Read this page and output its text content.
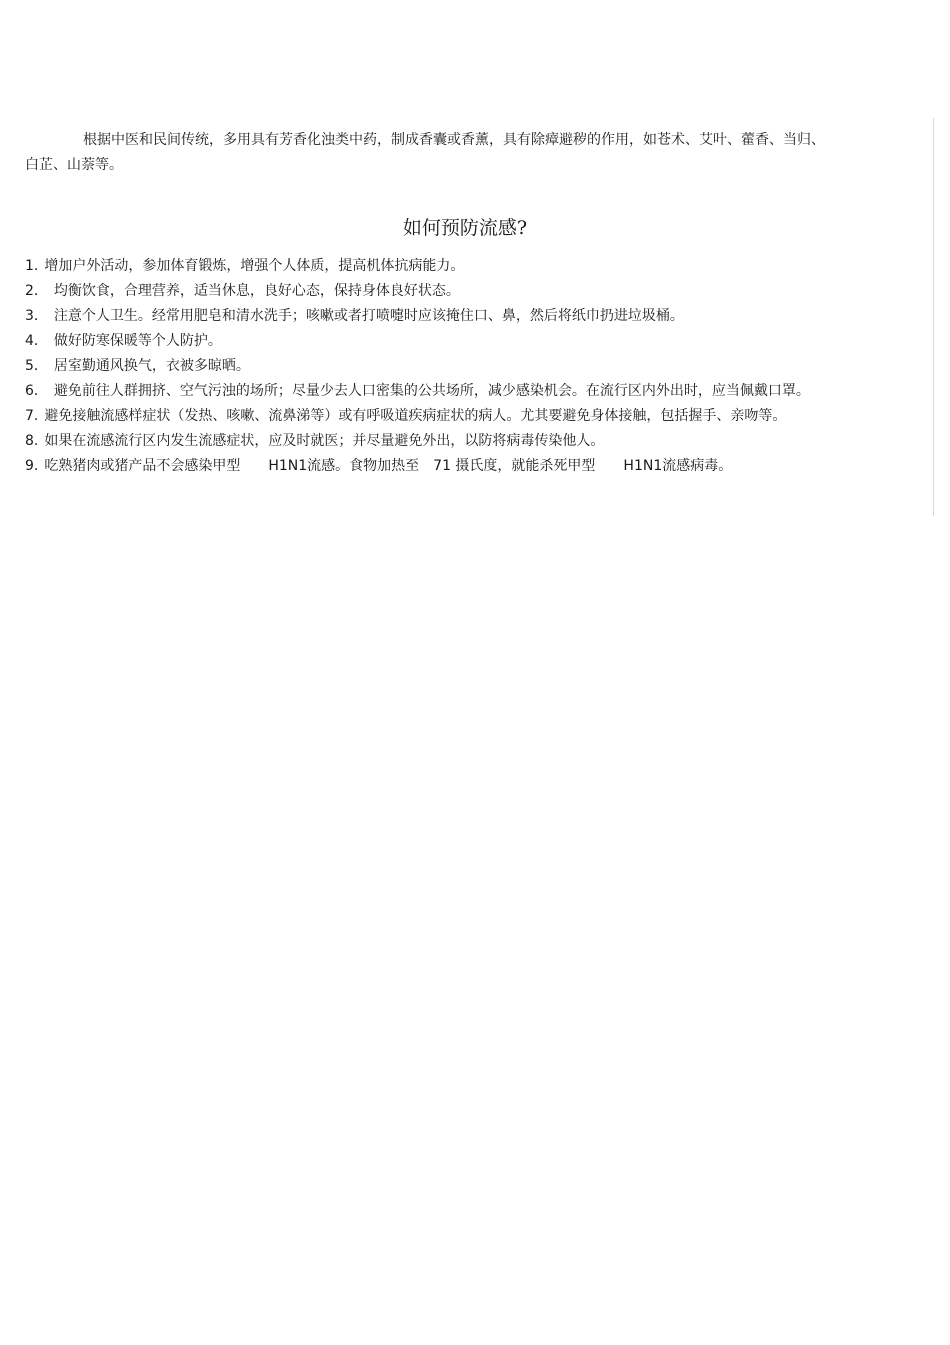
根据中医和民间传统，多用具有芳香化浊类中药，制成香囊或香薰，具有除瘴避秽的作用，如苍术、艾叶、藿香、当归、白芷、山萘等。

如何预防流感?
1. 增加户外活动，参加体育锻炼，增强个人体质，提高机体抗病能力。
2． 均衡饮食，合理营养，适当休息，良好心态，保持身体良好状态。
3． 注意个人卫生。经常用肥皂和清水洗手；咳嗽或者打喷嚏时应该掩住口、鼻，然后将纸巾扔进垃圾桶。
4． 做好防寒保暖等个人防护。
5． 居室勤通风换气，衣被多晾晒。
6． 避免前往人群拥挤、空气污浊的场所；尽量少去人口密集的公共场所，减少感染机会。在流行区内外出时，应当佩戴口罩。
7. 避免接触流感样症状（发热、咳嗽、流鼻涕等）或有呼吸道疾病症状的病人。尤其要避免身体接触，包括握手、亲吻等。
8. 如果在流感流行区内发生流感症状，应及时就医；并尽量避免外出，以防将病毒传染他人。
9. 吃熟猪肉或猪产品不会感染甲型　　H1N1流感。食物加热至　71 摄氏度，就能杀死甲型　　H1N1流感病毒。
